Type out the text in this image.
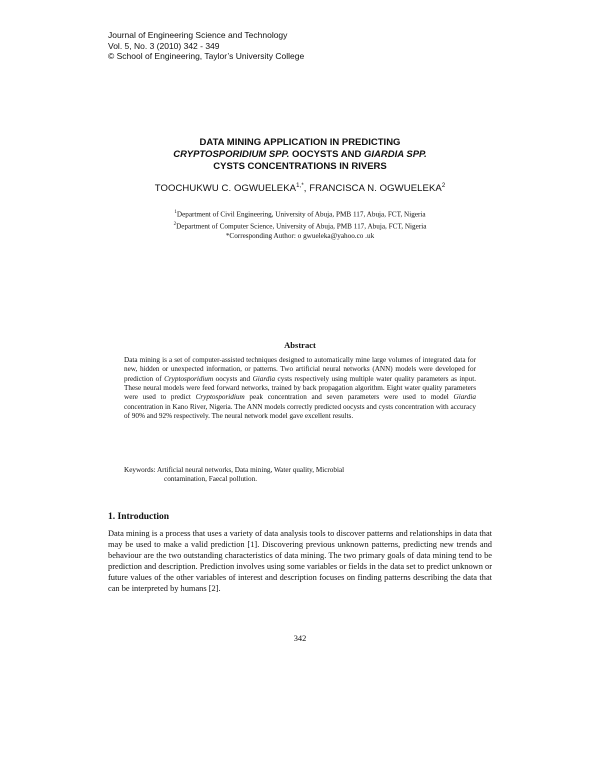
Journal of Engineering Science and Technology
Vol. 5, No. 3 (2010) 342 - 349
© School of Engineering, Taylor’s University College
DATA MINING APPLICATION IN PREDICTING
CRYPTOSPORIDIUM SPP. OOCYSTS AND GIARDIA SPP.
CYSTS CONCENTRATIONS IN RIVERS
TOOCHUKWU C. $OGWUELEKA^{1,*}$, FRANCISCA N. OGWUELEKA$^2$
$^1$Department of Civil Engineering, University of Abuja, PMB 117, Abuja, FCT, Nigeria
$^2$Department of Computer Science, University of Abuja, PMB 117, Abuja, FCT, Nigeria
*Corresponding Author: o gwueleka@yahoo.co .uk
Abstract
Data mining is a set of computer-assisted techniques designed to automatically mine large volumes of integrated data for new, hidden or unexpected information, or patterns. Two artificial neural networks (ANN) models were developed for prediction of Cryptosporidium oocysts and Giardia cysts respectively using multiple water quality parameters as input. These neural models were feed forward networks, trained by back propagation algorithm. Eight water quality parameters were used to predict Cryptosporidium peak concentration and seven parameters were used to model Giardia concentration in Kano River, Nigeria. The ANN models correctly predicted oocysts and cysts concentration with accuracy of 90% and 92% respectively. The neural network model gave excellent results.
Keywords: Artificial neural networks, Data mining, Water quality, Microbial
contamination, Faecal pollution.
1. Introduction
Data mining is a process that uses a variety of data analysis tools to discover patterns and relationships in data that may be used to make a valid prediction [1]. Discovering previous unknown patterns, predicting new trends and behaviour are the two outstanding characteristics of data mining. The two primary goals of data mining tend to be prediction and description. Prediction involves using some variables or fields in the data set to predict unknown or future values of the other variables of interest and description focuses on finding patterns describing the data that can be interpreted by humans [2].
342
